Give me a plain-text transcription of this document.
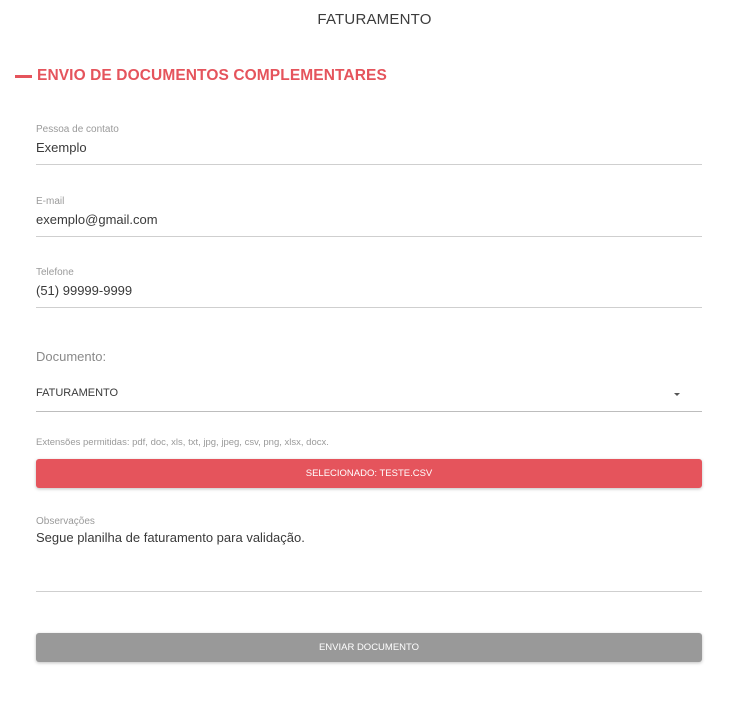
FATURAMENTO
ENVIO DE DOCUMENTOS COMPLEMENTARES
Pessoa de contato
Exemplo
E-mail
exemplo@gmail.com
Telefone
(51) 99999-9999
Documento:
FATURAMENTO
Extensões permitidas: pdf, doc, xls, txt, jpg, jpeg, csv, png, xlsx, docx.
SELECIONADO: TESTE.CSV
Observações
Segue planilha de faturamento para validação.
ENVIAR DOCUMENTO
